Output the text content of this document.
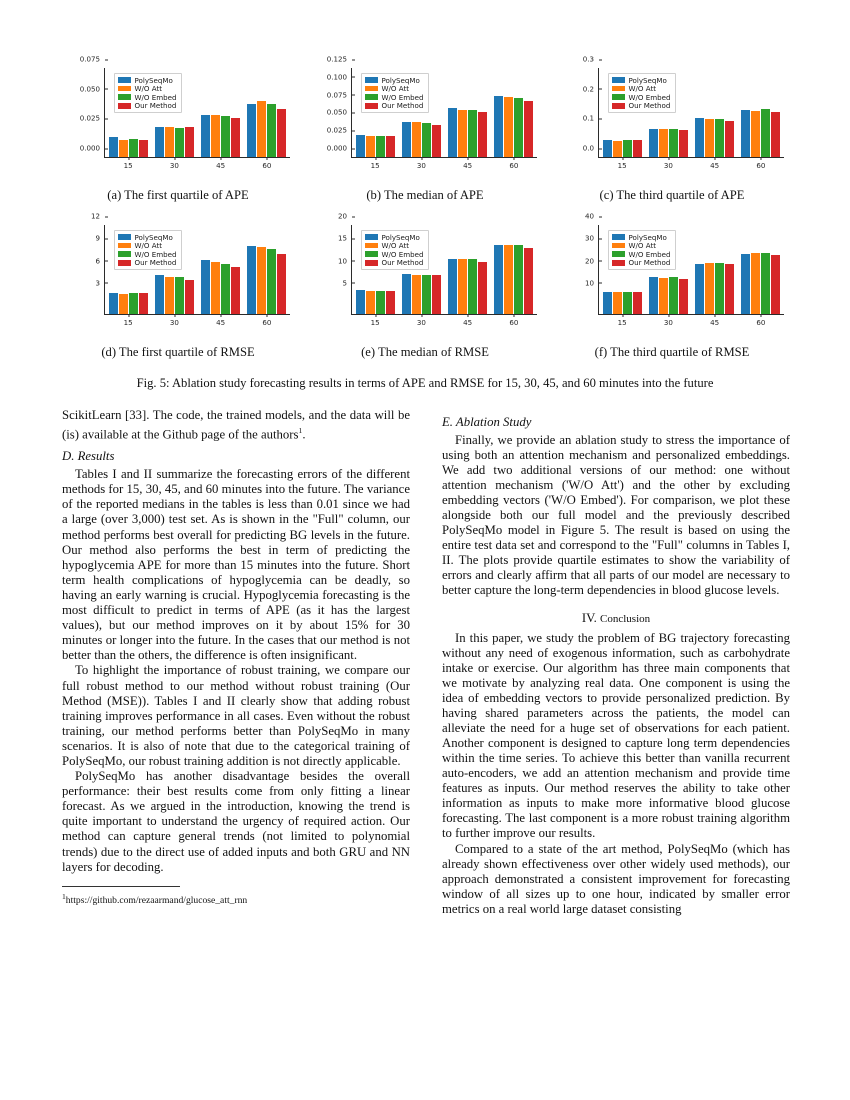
0.000
0.025
0.050
0.075
15	30	45	60
PolySeqMo
W/O Att
W/O Embed
Our Method
(a) The first quartile of APE
0.000
0.025
0.050
0.075
0.100
0.125
15	30	45	60
PolySeqMo
W/O Att
W/O Embed
Our Method
(b) The median of APE
0.0
0.1
0.2
0.3
15	30	45	60
PolySeqMo
W/O Att
W/O Embed
Our Method
(c) The third quartile of APE
3
6
9
12
15	30	45	60
PolySeqMo
W/O Att
W/O Embed
Our Method
(d) The first quartile of RMSE
5
10
15
20
15	30	45	60
PolySeqMo
W/O Att
W/O Embed
Our Method
(e) The median of RMSE
10
20
30
40
15	30	45	60
PolySeqMo
W/O Att
W/O Embed
Our Method
(f) The third quartile of RMSE
Fig. 5: Ablation study forecasting results in terms of APE and RMSE for 15, 30, 45, and 60 minutes into the future

ScikitLearn [33]. The code, the trained models, and the data will be (is) available at the Github page of the authors$^1$.

D. Results

Tables I and II summarize the forecasting errors of the different methods for 15, 30, 45, and 60 minutes into the future. The variance of the reported medians in the tables is less than 0.01 since we had a large (over 3,000) test set. As is shown in the "Full" column, our method performs best overall for predicting BG levels in the future. Our method also performs the best in term of predicting the hypoglycemia APE for more than 15 minutes into the future. Short term health complications of hypoglycemia can be deadly, so having an early warning is crucial. Hypoglycemia forecasting is the most difficult to predict in terms of APE (as it has the largest values), but our method improves on it by about 15% for 30 minutes or longer into the future. In the cases that our method is not better than the others, the difference is often insignificant.

To highlight the importance of robust training, we compare our full robust method to our method without robust training (Our Method (MSE)). Tables I and II clearly show that adding robust training improves performance in all cases. Even without the robust training, our method performs better than PolySeqMo in many scenarios. It is also of note that due to the categorical training of PolySeqMo, our robust training addition is not directly applicable.

PolySeqMo has another disadvantage besides the overall performance: their best results come from only fitting a linear forecast. As we argued in the introduction, knowing the trend is quite important to understand the urgency of required action. Our method can capture general trends (not limited to polynomial trends) due to the direct use of added inputs and both GRU and NN layers for decoding.

$^1$https://github.com/rezaarmand/glucose_att_rnn

E. Ablation Study

Finally, we provide an ablation study to stress the importance of using both an attention mechanism and personalized embeddings. We add two additional versions of our method: one without attention mechanism ('W/O Att') and the other by excluding embedding vectors ('W/O Embed'). For comparison, we plot these alongside both our full model and the previously described PolySeqMo model in Figure 5. The result is based on using the entire test data set and correspond to the "Full" columns in Tables I, II. The plots provide quartile estimates to show the variability of errors and clearly affirm that all parts of our model are necessary to better capture the long-term dependencies in blood glucose levels.

IV. Conclusion

In this paper, we study the problem of BG trajectory forecasting without any need of exogenous information, such as carbohydrate intake or exercise. Our algorithm has three main components that we motivate by analyzing real data. One component is using the idea of embedding vectors to provide personalized prediction. By having shared parameters across the patients, the model can alleviate the need for a huge set of observations for each patient. Another component is designed to capture long term dependencies within the time series. To achieve this better than vanilla recurrent auto-encoders, we add an attention mechanism and provide time features as inputs. Our method reserves the ability to take other information as inputs to make more informative blood glucose forecasting. The last component is a more robust training algorithm to further improve our results.

Compared to a state of the art method, PolySeqMo (which has already shown effectiveness over other widely used methods), our approach demonstrated a consistent improvement for forecasting window of all sizes up to one hour, indicated by smaller error metrics on a real world large dataset consisting
